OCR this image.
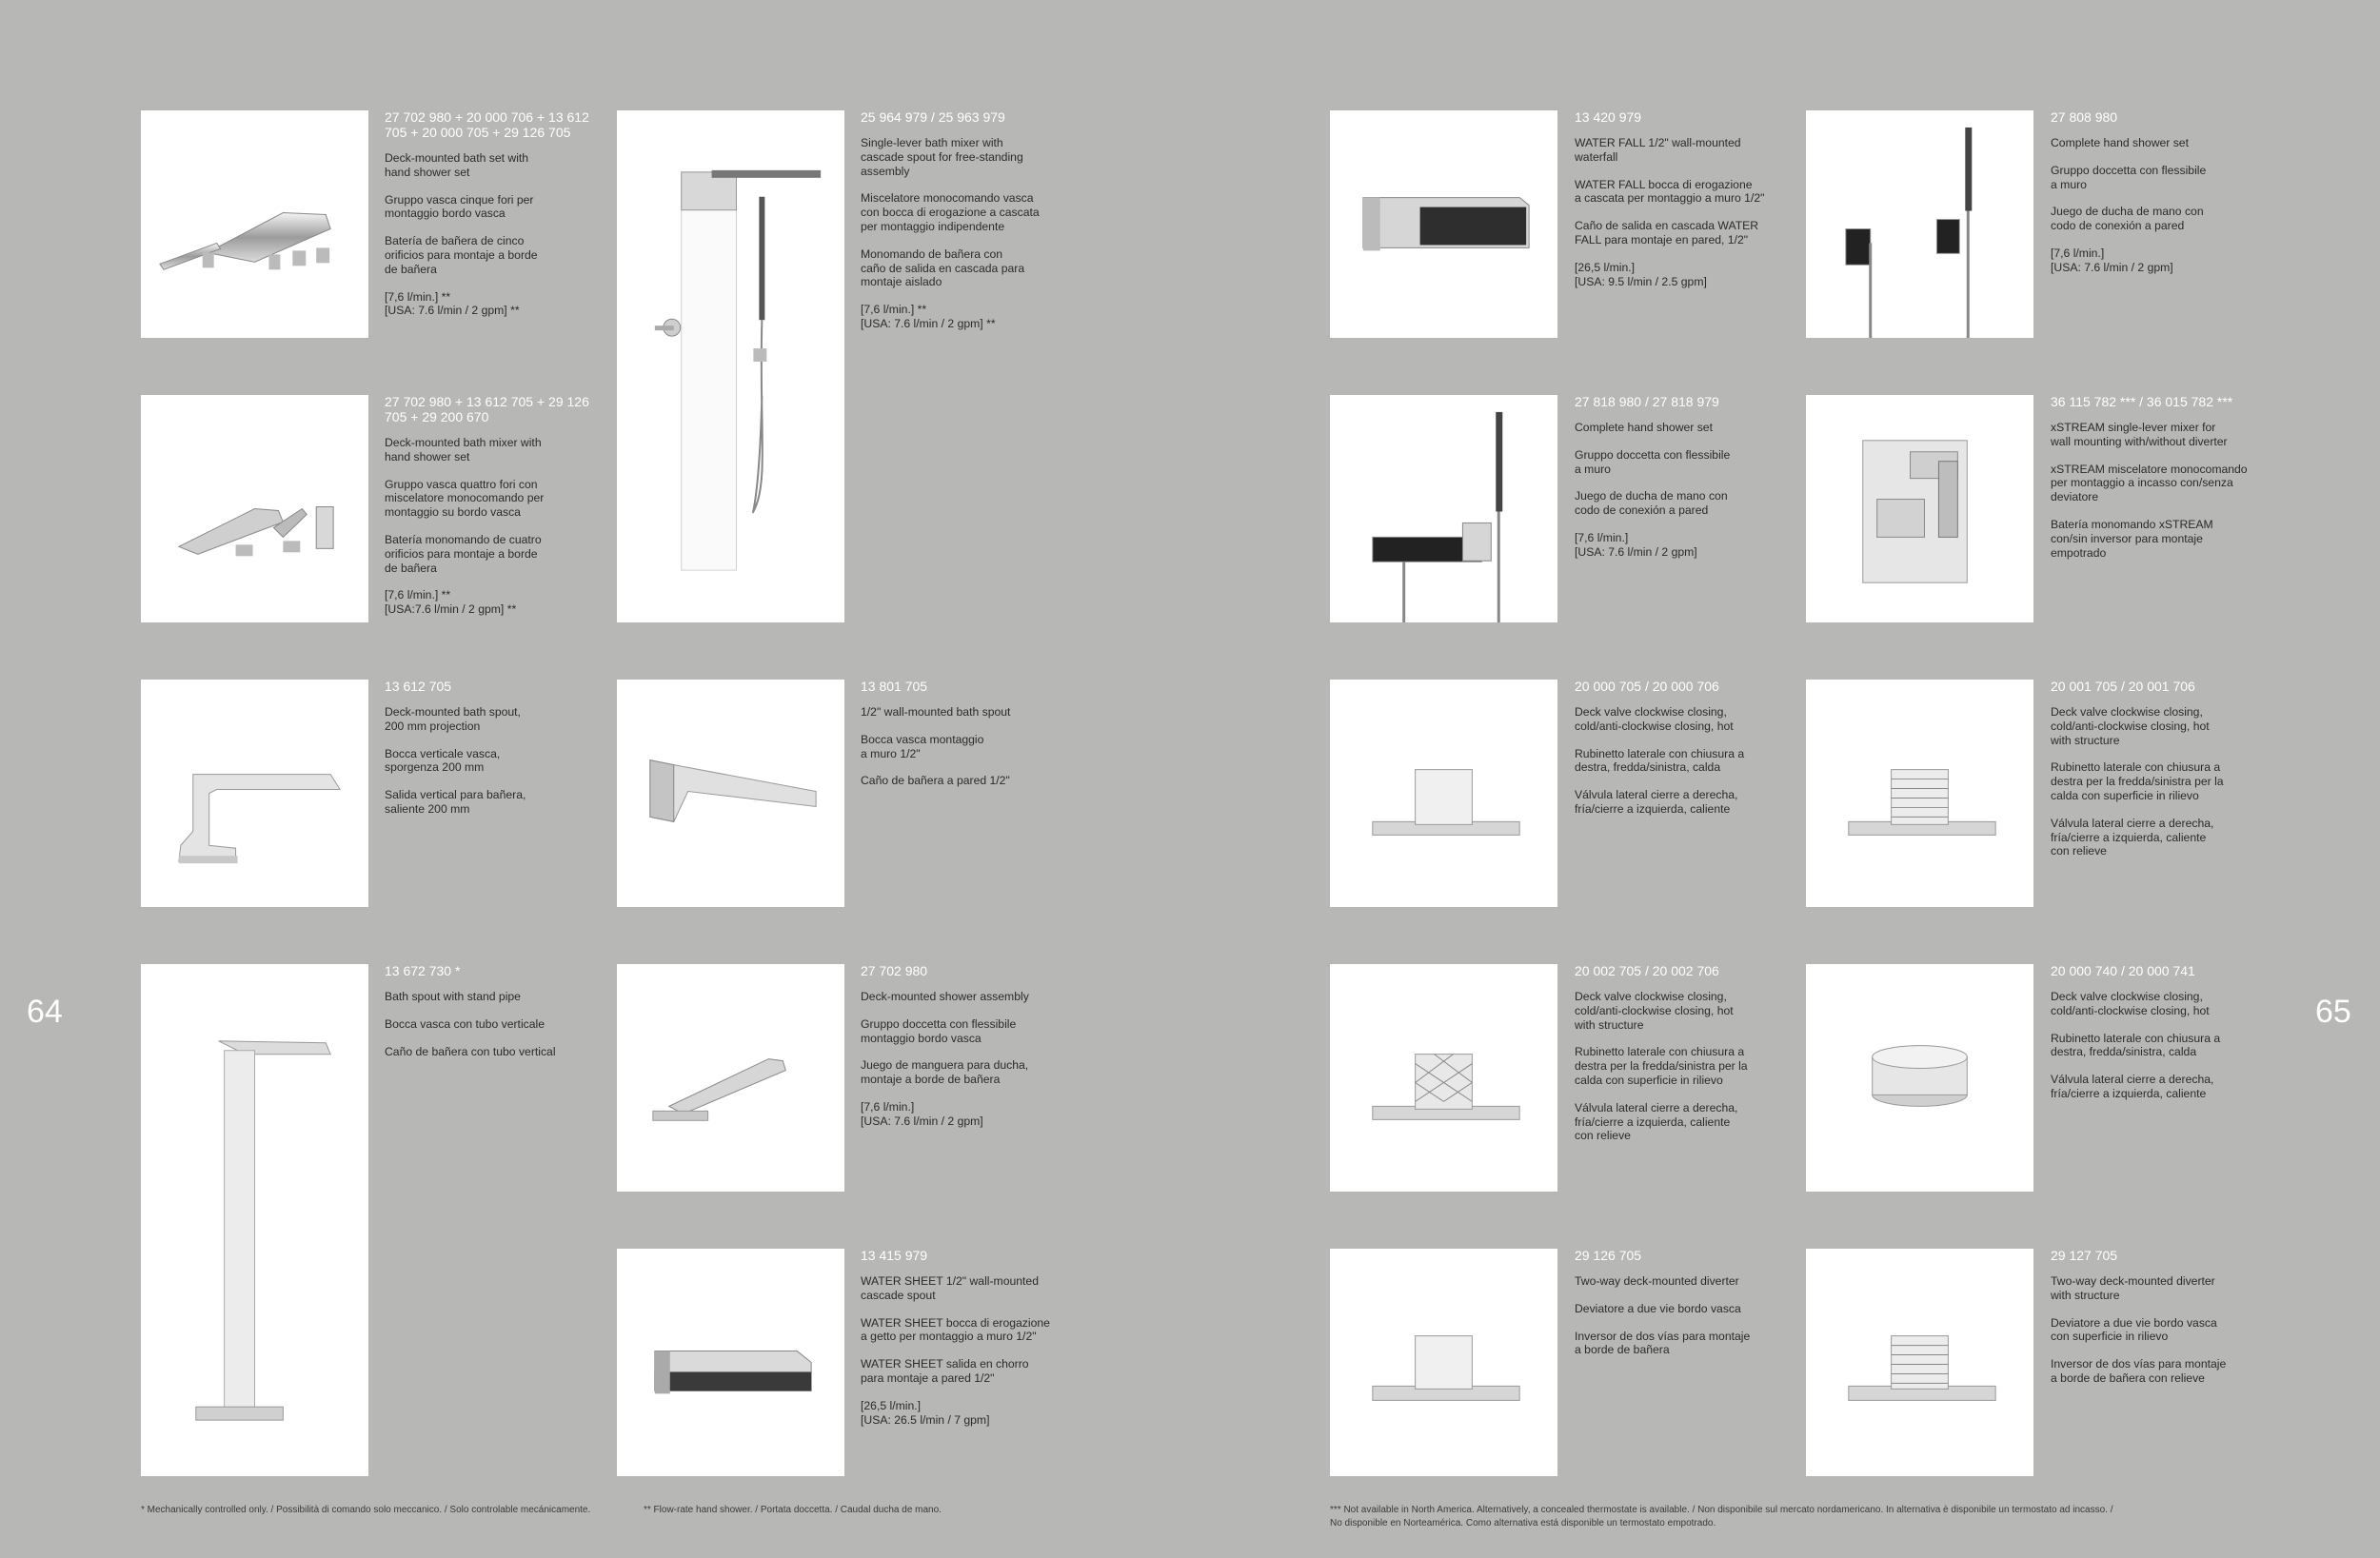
64	65
27 702 980 + 20 000 706 + 13 612 705 + 20 000 705 + 29 126 705

Deck-mounted bath set with
hand shower set

Gruppo vasca cinque fori per
montaggio bordo vasca

Batería de bañera de cinco
orificios para montaje a borde
de bañera

[7,6 l/min.] **
[USA: 7.6 l/min / 2 gpm] **

25 964 979 / 25 963 979

Single-lever bath mixer with
cascade spout for free-standing
assembly

Miscelatore monocomando vasca
con bocca di erogazione a cascata
per montaggio indipendente

Monomando de bañera con
caño de salida en cascada para
montaje aislado

[7,6 l/min.] **
[USA: 7.6 l/min / 2 gpm] **

27 702 980 + 13 612 705 + 29 126 705 + 29 200 670

Deck-mounted bath mixer with
hand shower set

Gruppo vasca quattro fori con
miscelatore monocomando per
montaggio su bordo vasca

Batería monomando de cuatro
orificios para montaje a borde
de bañera

[7,6 l/min.] **
[USA:7.6 l/min / 2 gpm] **

13 612 705

Deck-mounted bath spout,
200 mm projection

Bocca verticale vasca,
sporgenza 200 mm

Salida vertical para bañera,
saliente 200 mm

13 801 705

1/2" wall-mounted bath spout

Bocca vasca montaggio
a muro 1/2"

Caño de bañera a pared 1/2"

13 672 730 *

Bath spout with stand pipe

Bocca vasca con tubo verticale

Caño de bañera con tubo vertical

27 702 980

Deck-mounted shower assembly

Gruppo doccetta con flessibile
montaggio bordo vasca

Juego de manguera para ducha,
montaje a borde de bañera

[7,6 l/min.]
[USA: 7.6 l/min / 2 gpm]

13 415 979

WATER SHEET 1/2" wall-mounted
cascade spout

WATER SHEET bocca di erogazione
a getto per montaggio a muro 1/2"

WATER SHEET salida en chorro
para montaje a pared 1/2"

[26,5 l/min.]
[USA: 26.5 l/min / 7 gpm]

13 420 979

WATER FALL 1/2" wall-mounted
waterfall

WATER FALL bocca di erogazione
a cascata per montaggio a muro 1/2"

Caño de salida en cascada WATER
FALL para montaje en pared, 1/2"

[26,5 l/min.]
[USA: 9.5 l/min / 2.5 gpm]

27 808 980

Complete hand shower set

Gruppo doccetta con flessibile
a muro

Juego de ducha de mano con
codo de conexión a pared

[7,6 l/min.]
[USA: 7.6 l/min / 2 gpm]

27 818 980 / 27 818 979

Complete hand shower set

Gruppo doccetta con flessibile
a muro

Juego de ducha de mano con
codo de conexión a pared

[7,6 l/min.]
[USA: 7.6 l/min / 2 gpm]

36 115 782 *** / 36 015 782 ***

xSTREAM single-lever mixer for
wall mounting with/without diverter

xSTREAM miscelatore monocomando
per montaggio a incasso con/senza
deviatore

Batería monomando xSTREAM
con/sin inversor para montaje
empotrado

20 000 705 / 20 000 706

Deck valve clockwise closing,
cold/anti-clockwise closing, hot

Rubinetto laterale con chiusura a
destra, fredda/sinistra, calda

Válvula lateral cierre a derecha,
fría/cierre a izquierda, caliente

20 001 705 / 20 001 706

Deck valve clockwise closing,
cold/anti-clockwise closing, hot
with structure

Rubinetto laterale con chiusura a
destra per la fredda/sinistra per la
calda con superficie in rilievo

Válvula lateral cierre a derecha,
fría/cierre a izquierda, caliente
con relieve

20 002 705 / 20 002 706

Deck valve clockwise closing,
cold/anti-clockwise closing, hot
with structure

Rubinetto laterale con chiusura a
destra per la fredda/sinistra per la
calda con superficie in rilievo

Válvula lateral cierre a derecha,
fría/cierre a izquierda, caliente
con relieve

20 000 740 / 20 000 741

Deck valve clockwise closing,
cold/anti-clockwise closing, hot

Rubinetto laterale con chiusura a
destra, fredda/sinistra, calda

Válvula lateral cierre a derecha,
fría/cierre a izquierda, caliente

29 126 705

Two-way deck-mounted diverter

Deviatore a due vie bordo vasca

Inversor de dos vías para montaje
a borde de bañera

29 127 705

Two-way deck-mounted diverter
with structure

Deviatore a due vie bordo vasca
con superficie in rilievo

Inversor de dos vías para montaje
a borde de bañera con relieve

* Mechanically controlled only. / Possibilità di comando solo meccanico. / Solo controlable mecánicamente.	** Flow-rate hand shower. / Portata doccetta. / Caudal ducha de mano.	*** Not available in North America. Alternatively, a concealed thermostate is available. / Non disponibile sul mercato nordamericano. In alternativa è disponibile un termostato ad incasso. /
No disponible en Norteamérica. Como alternativa está disponible un termostato empotrado.
